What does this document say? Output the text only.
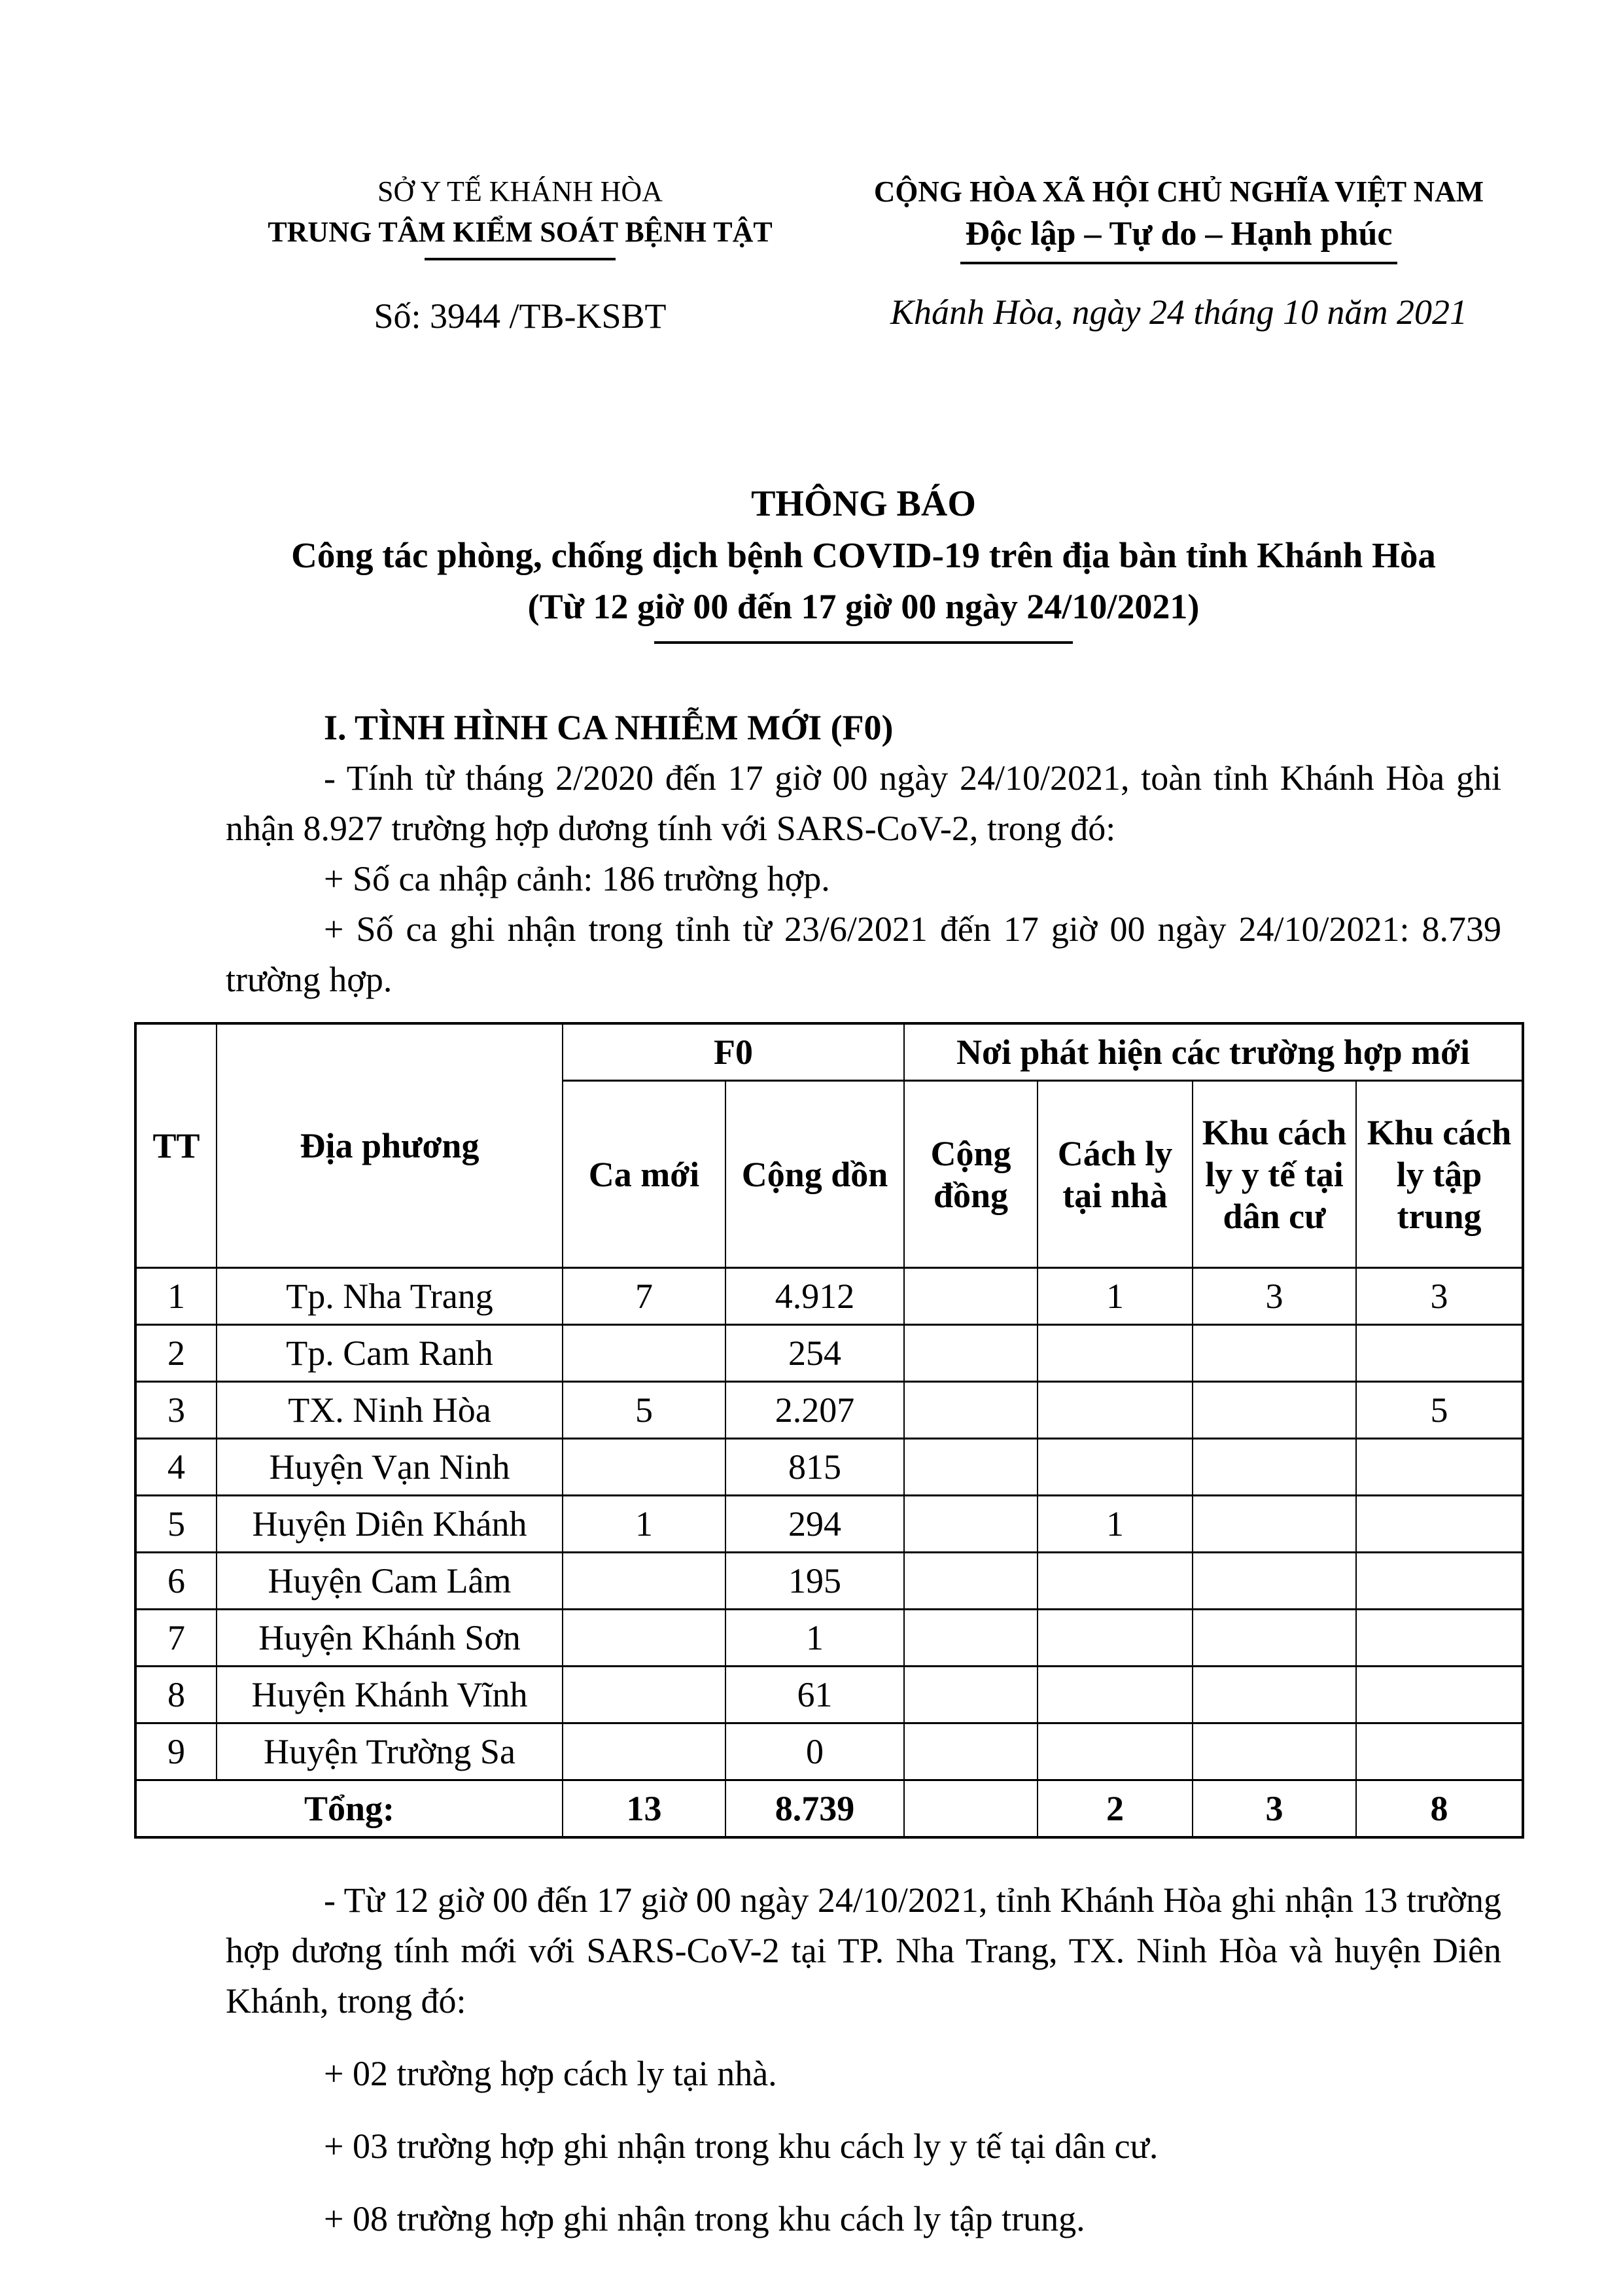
SỞ Y TẾ KHÁNH HÒA
TRUNG TÂM KIỂM SOÁT BỆNH TẬT
Số: 3944 /TB-KSBT
CỘNG HÒA XÃ HỘI CHỦ NGHĨA VIỆT NAM
Độc lập – Tự do – Hạnh phúc
Khánh Hòa, ngày 24 tháng 10 năm 2021
THÔNG BÁO
Công tác phòng, chống dịch bệnh COVID-19 trên địa bàn tỉnh Khánh Hòa
(Từ 12 giờ 00 đến 17 giờ 00 ngày 24/10/2021)

I. TÌNH HÌNH CA NHIỄM MỚI (F0)

- Tính từ tháng 2/2020 đến 17 giờ 00 ngày 24/10/2021, toàn tỉnh Khánh Hòa ghi nhận 8.927 trường hợp dương tính với SARS-CoV-2, trong đó:

+ Số ca nhập cảnh: 186 trường hợp.

+ Số ca ghi nhận trong tỉnh từ 23/6/2021 đến 17 giờ 00 ngày 24/10/2021: 8.739 trường hợp.

TT	Địa phương	F0		Nơi phát hiện các trường hợp mới			
		Ca mới	Cộng dồn	Cộng đồng	Cách ly tại nhà	Khu cách ly y tế tại dân cư	Khu cách ly tập trung
1	Tp. Nha Trang	7	4.912		1	3	3
2	Tp. Cam Ranh		254				
3	TX. Ninh Hòa	5	2.207				5
4	Huyện Vạn Ninh		815				
5	Huyện Diên Khánh	1	294		1		
6	Huyện Cam Lâm		195				
7	Huyện Khánh Sơn		1				
8	Huyện Khánh Vĩnh		61				
9	Huyện Trường Sa		0				
Tổng:		13	8.739		2	3	8

- Từ 12 giờ 00 đến 17 giờ 00 ngày 24/10/2021, tỉnh Khánh Hòa ghi nhận 13 trường hợp dương tính mới với SARS-CoV-2 tại TP. Nha Trang, TX. Ninh Hòa và huyện Diên Khánh, trong đó:

+ 02 trường hợp cách ly tại nhà.

+ 03 trường hợp ghi nhận trong khu cách ly y tế tại dân cư.

+ 08 trường hợp ghi nhận trong khu cách ly tập trung.
